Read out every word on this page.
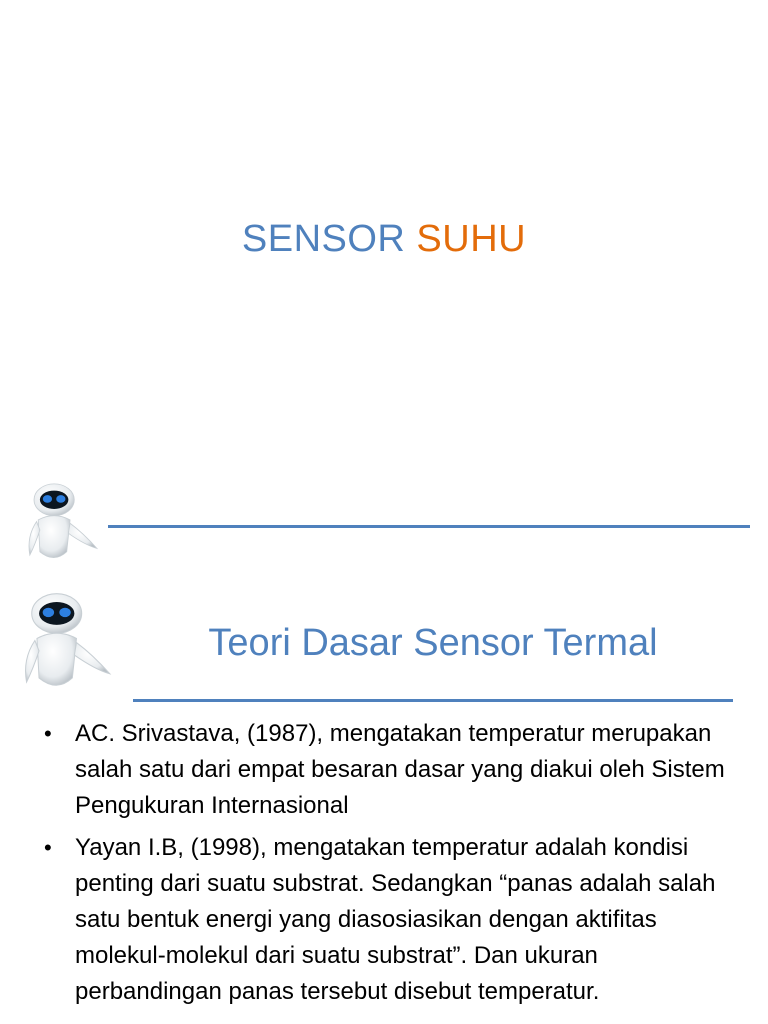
SENSOR SUHU
Teori Dasar Sensor Termal
• AC. Srivastava, (1987), mengatakan temperatur merupakan salah satu dari empat besaran dasar yang diakui oleh Sistem Pengukuran Internasional
• Yayan I.B, (1998), mengatakan temperatur adalah kondisi penting dari suatu substrat. Sedangkan “panas adalah salah satu bentuk energi yang diasosiasikan dengan aktifitas molekul-molekul dari suatu substrat”. Dan ukuran perbandingan panas tersebut disebut temperatur.
